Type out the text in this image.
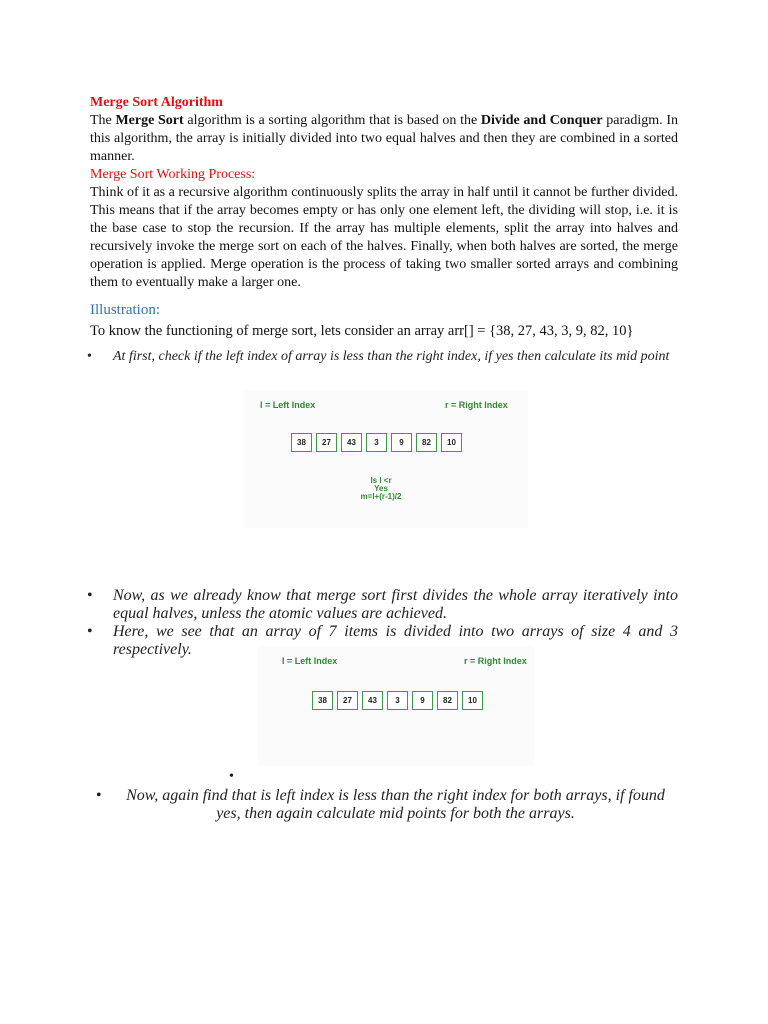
Merge Sort Algorithm
The Merge Sort algorithm is a sorting algorithm that is based on the Divide and Conquer paradigm. In this algorithm, the array is initially divided into two equal halves and then they are combined in a sorted manner.
Merge Sort Working Process:
Think of it as a recursive algorithm continuously splits the array in half until it cannot be further divided. This means that if the array becomes empty or has only one element left, the dividing will stop, i.e. it is the base case to stop the recursion. If the array has multiple elements, split the array into halves and recursively invoke the merge sort on each of the halves. Finally, when both halves are sorted, the merge operation is applied. Merge operation is the process of taking two smaller sorted arrays and combining them to eventually make a larger one.
Illustration:
To know the functioning of merge sort, lets consider an array arr[] = {38, 27, 43, 3, 9, 82, 10}
• At first, check if the left index of array is less than the right index, if yes then calculate its mid point
l = Left Index	r = Right Index
38	27	43	3	9	82	10
Is l <r
Yes
m=l+(r-1)/2
• Now, as we already know that merge sort first divides the whole array iteratively into equal halves, unless the atomic values are achieved.
• Here, we see that an array of 7 items is divided into two arrays of size 4 and 3 respectively.
l = Left Index	r = Right Index
38	27	43	3	9	82	10
•
• Now, again find that is left index is less than the right index for both arrays, if found yes, then again calculate mid points for both the arrays.
